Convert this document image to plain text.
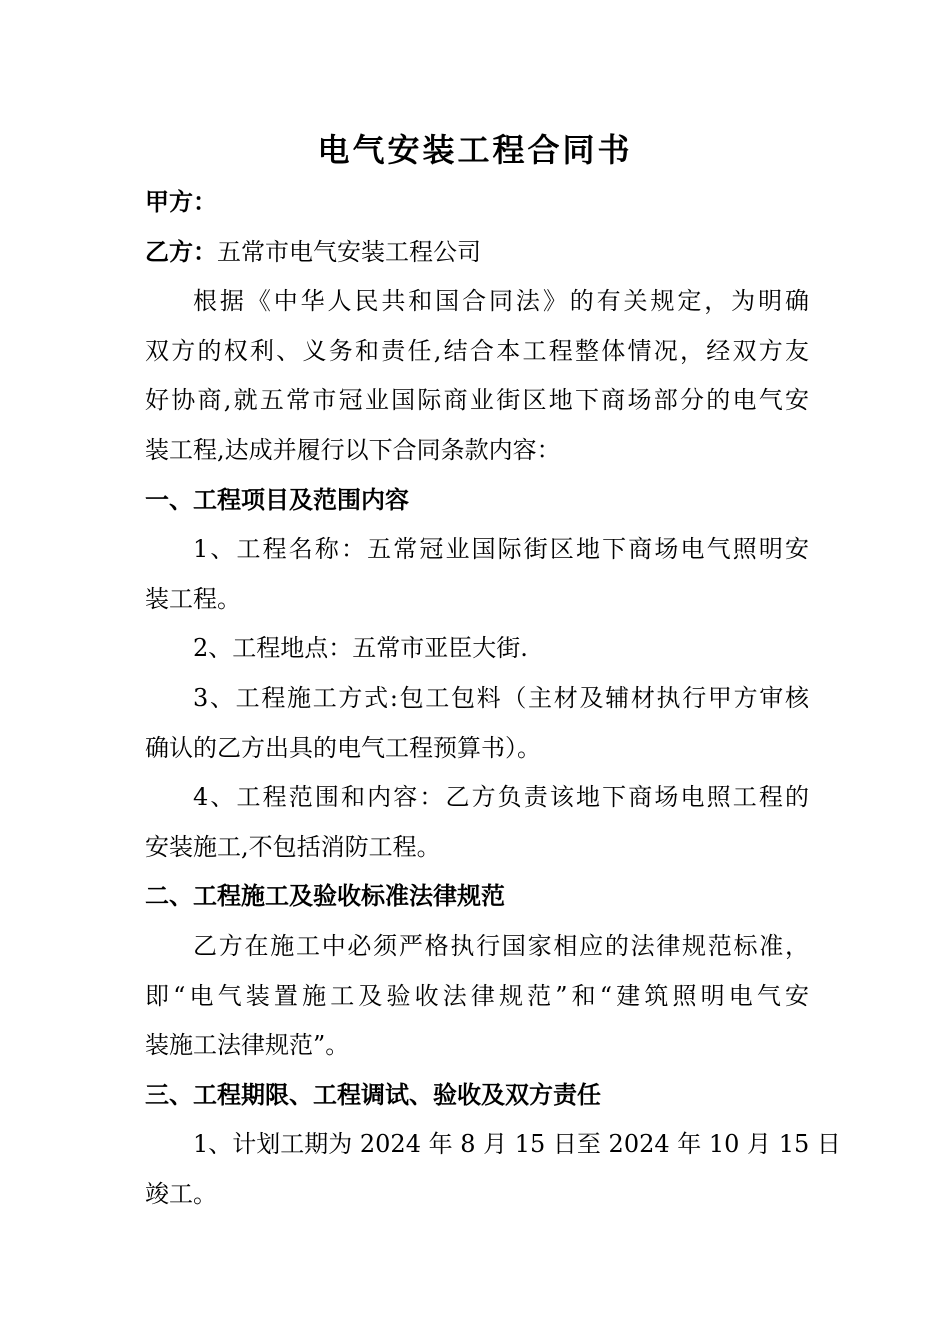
电气安装工程合同书
甲方：
乙方：五常市电气安装工程公司
根据《中华人民共和国合同法》的有关规定，为明确
双方的权利、义务和责任,结合本工程整体情况，经双方友
好协商,就五常市冠业国际商业街区地下商场部分的电气安
装工程,达成并履行以下合同条款内容：
一、工程项目及范围内容
1、工程名称：五常冠业国际街区地下商场电气照明安
装工程。
2、工程地点：五常市亚臣大街.
3、工程施工方式:包工包料（主材及辅材执行甲方审核
确认的乙方出具的电气工程预算书）。
4、工程范围和内容：乙方负责该地下商场电照工程的
安装施工,不包括消防工程。
二、工程施工及验收标准法律规范
乙方在施工中必须严格执行国家相应的法律规范标准，
即“电气装置施工及验收法律规范”和“建筑照明电气安
装施工法律规范”。
三、工程期限、工程调试、验收及双方责任
1、计划工期为 2024 年 8 月 15 日至 2024 年 10 月 15 日
竣工。
